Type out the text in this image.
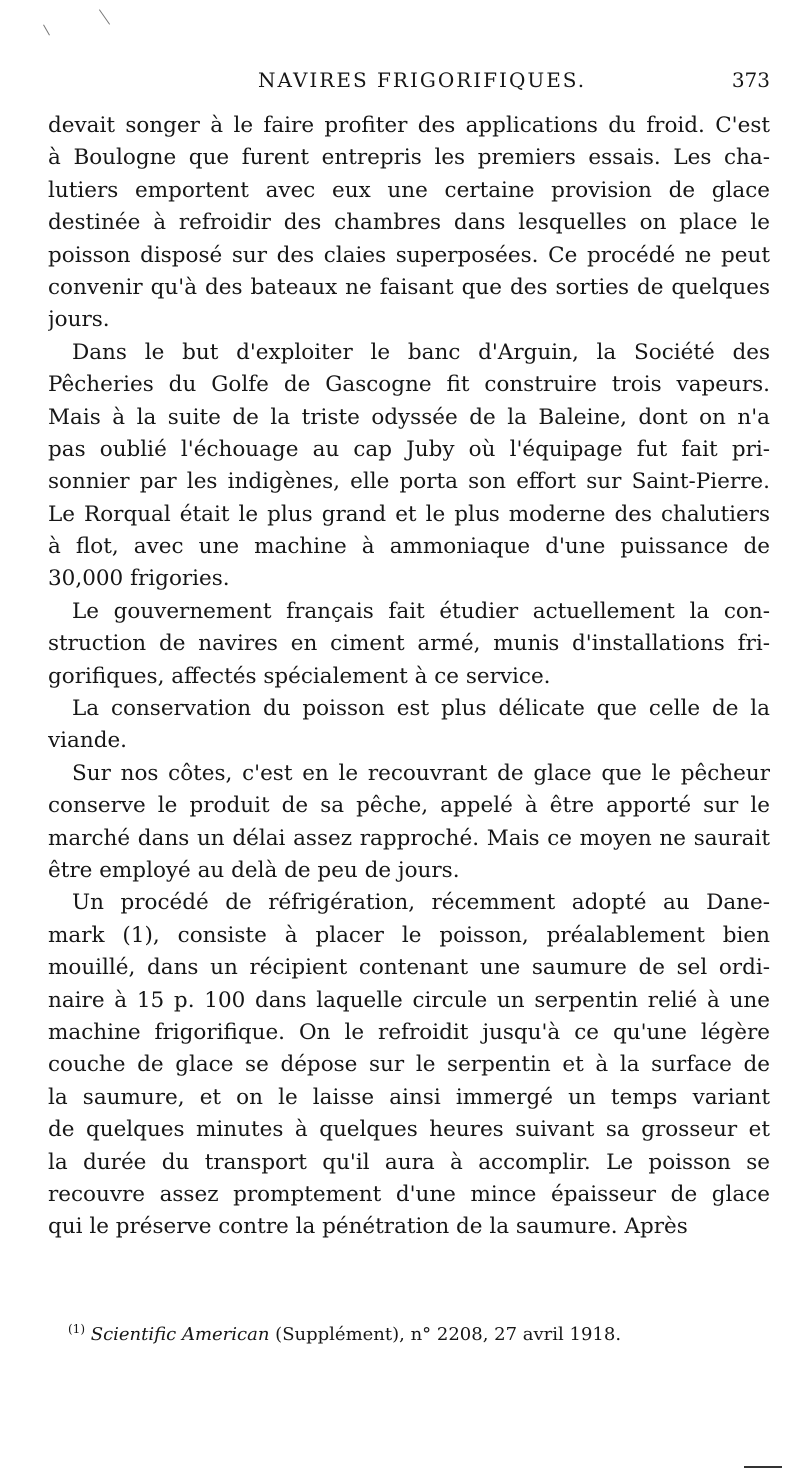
NAVIRES FRIGORIFIQUES.	373
devait songer à le faire profiter des applications du froid. C'est
à Boulogne que furent entrepris les premiers essais. Les cha-
lutiers emportent avec eux une certaine provision de glace
destinée à refroidir des chambres dans lesquelles on place le
poisson disposé sur des claies superposées. Ce procédé ne peut
convenir qu'à des bateaux ne faisant que des sorties de quelques
jours.
Dans le but d'exploiter le banc d'Arguin, la Société des
Pêcheries du Golfe de Gascogne fit construire trois vapeurs.
Mais à la suite de la triste odyssée de la Baleine, dont on n'a
pas oublié l'échouage au cap Juby où l'équipage fut fait pri-
sonnier par les indigènes, elle porta son effort sur Saint-Pierre.
Le Rorqual était le plus grand et le plus moderne des chalutiers
à flot, avec une machine à ammoniaque d'une puissance de
30,000 frigories.
Le gouvernement français fait étudier actuellement la con-
struction de navires en ciment armé, munis d'installations fri-
gorifiques, affectés spécialement à ce service.
La conservation du poisson est plus délicate que celle de la
viande.
Sur nos côtes, c'est en le recouvrant de glace que le pêcheur
conserve le produit de sa pêche, appelé à être apporté sur le
marché dans un délai assez rapproché. Mais ce moyen ne saurait
être employé au delà de peu de jours.
Un procédé de réfrigération, récemment adopté au Dane-
mark (1), consiste à placer le poisson, préalablement bien
mouillé, dans un récipient contenant une saumure de sel ordi-
naire à 15 p. 100 dans laquelle circule un serpentin relié à une
machine frigorifique. On le refroidit jusqu'à ce qu'une légère
couche de glace se dépose sur le serpentin et à la surface de
la saumure, et on le laisse ainsi immergé un temps variant
de quelques minutes à quelques heures suivant sa grosseur et
la durée du transport qu'il aura à accomplir. Le poisson se
recouvre assez promptement d'une mince épaisseur de glace
qui le préserve contre la pénétration de la saumure. Après
$^{(1)}$ Scientific American (Supplément), n° 2208, 27 avril 1918.
